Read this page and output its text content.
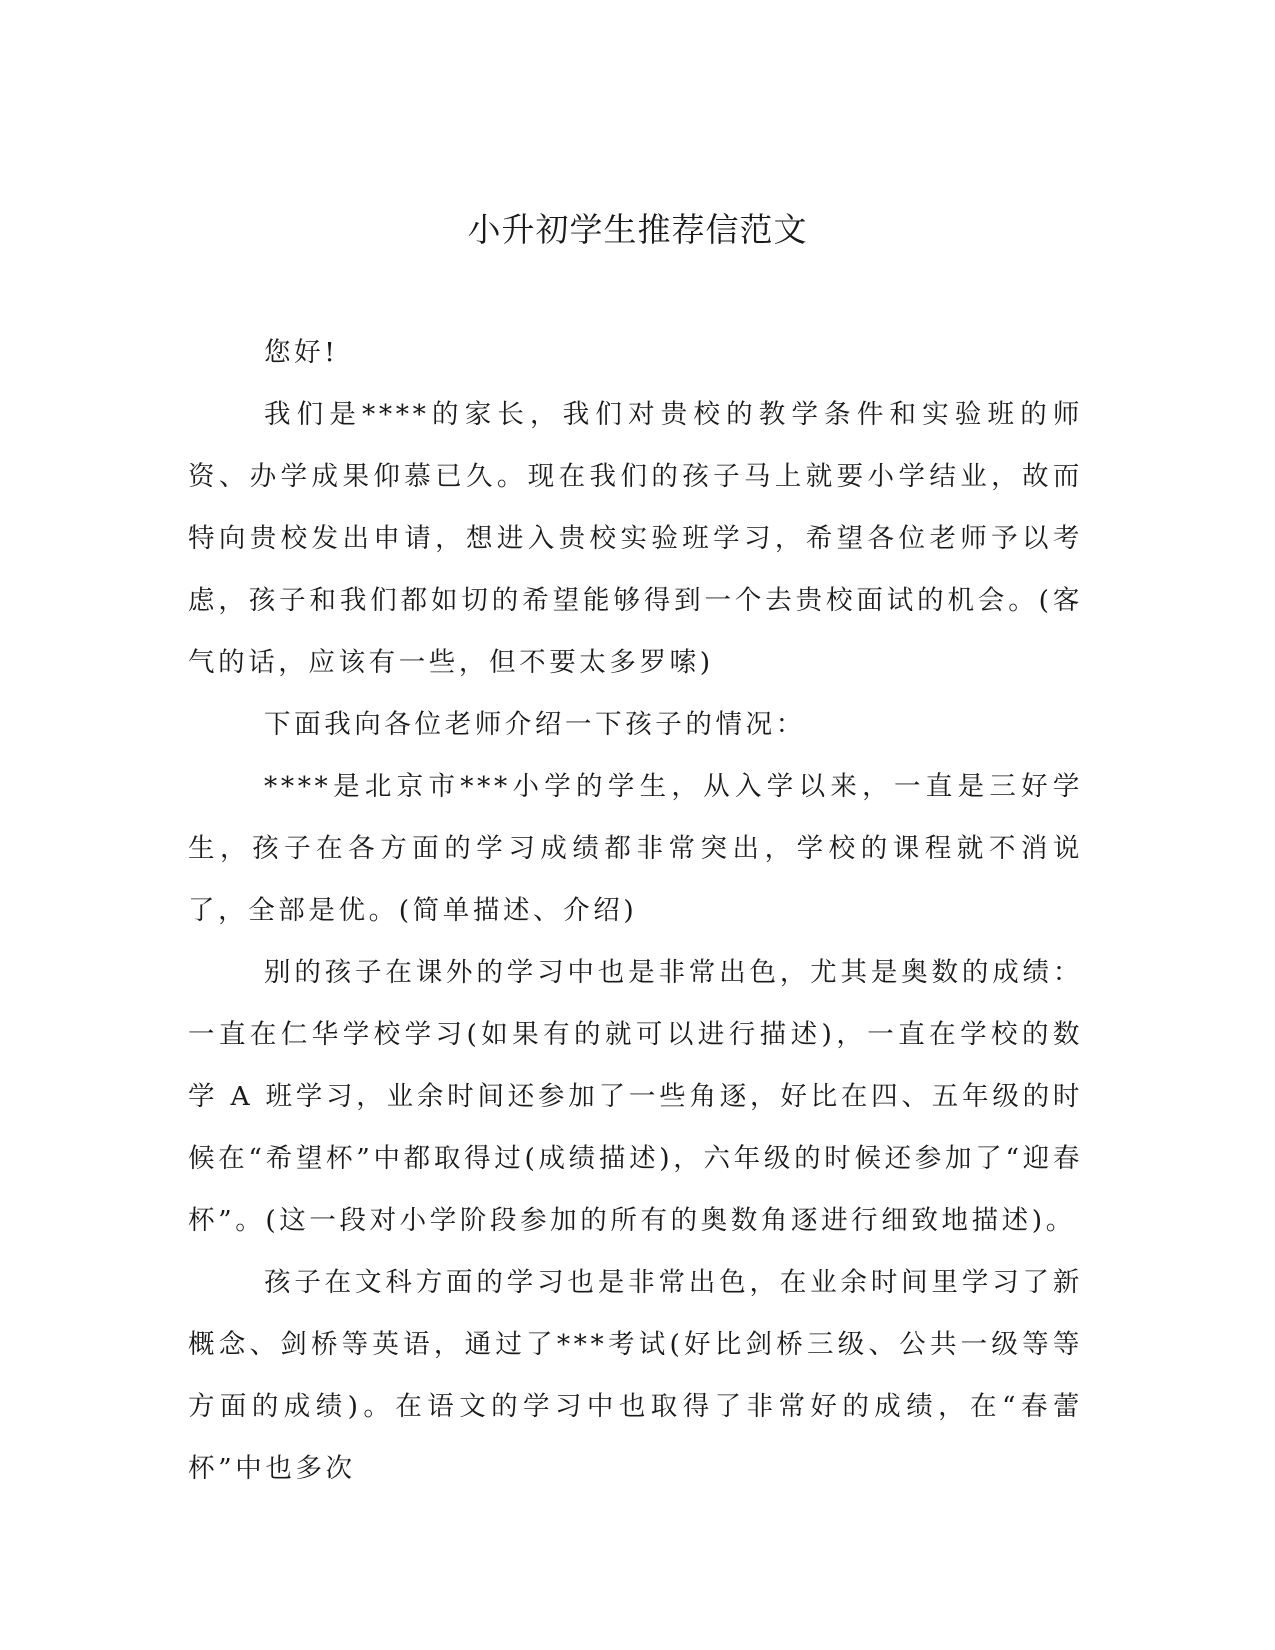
小升初学生推荐信范文

您好!

我们是****的家长，我们对贵校的教学条件和实验班的师资、办学成果仰慕已久。现在我们的孩子马上就要小学结业，故而特向贵校发出申请，想进入贵校实验班学习，希望各位老师予以考虑，孩子和我们都如切的希望能够得到一个去贵校面试的机会。(客气的话，应该有一些，但不要太多罗嗦)

下面我向各位老师介绍一下孩子的情况：

****是北京市***小学的学生，从入学以来，一直是三好学生，孩子在各方面的学习成绩都非常突出，学校的课程就不消说了，全部是优。(简单描述、介绍)

别的孩子在课外的学习中也是非常出色，尤其是奥数的成绩：一直在仁华学校学习(如果有的就可以进行描述)，一直在学校的数学 A 班学习，业余时间还参加了一些角逐，好比在四、五年级的时候在“希望杯”中都取得过(成绩描述)，六年级的时候还参加了“迎春杯”。(这一段对小学阶段参加的所有的奥数角逐进行细致地描述)。

孩子在文科方面的学习也是非常出色，在业余时间里学习了新概念、剑桥等英语，通过了***考试(好比剑桥三级、公共一级等等方面的成绩)。在语文的学习中也取得了非常好的成绩，在“春蕾杯”中也多次
